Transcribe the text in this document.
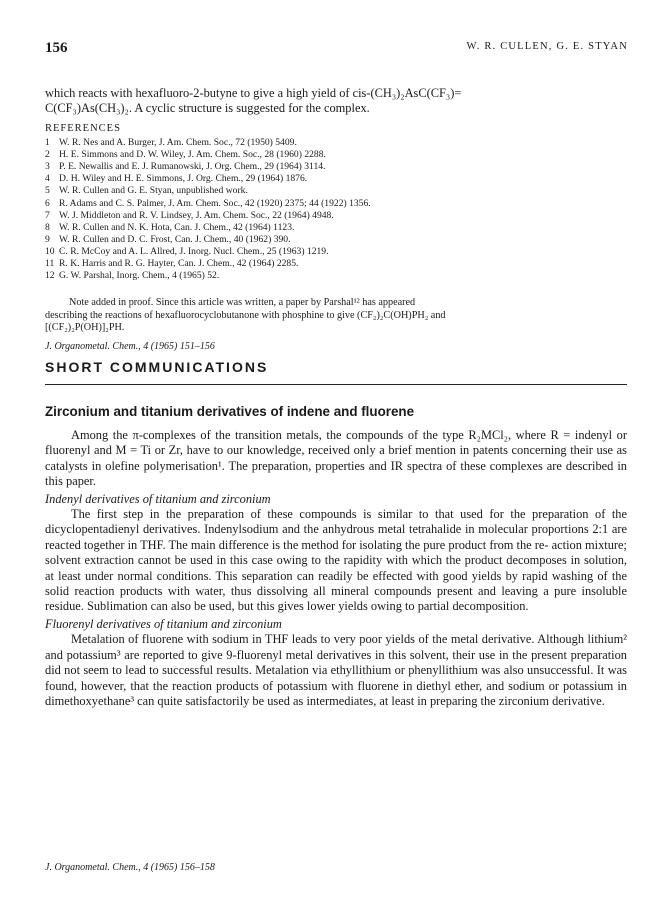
156	W. R. CULLEN, G. E. STYAN
which reacts with hexafluoro-2-butyne to give a high yield of cis-(CH₃)₂AsC(CF₃)=
C(CF₃)As(CH₃)₂. A cyclic structure is suggested for the complex.
REFERENCES
1 W. R. Nes and A. Burger, J. Am. Chem. Soc., 72 (1950) 5409.
2 H. E. Simmons and D. W. Wiley, J. Am. Chem. Soc., 28 (1960) 2288.
3 P. E. Newallis and E. J. Rumanowski, J. Org. Chem., 29 (1964) 3114.
4 D. H. Wiley and H. E. Simmons, J. Org. Chem., 29 (1964) 1876.
5 W. R. Cullen and G. E. Styan, unpublished work.
6 R. Adams and C. S. Palmer, J. Am. Chem. Soc., 42 (1920) 2375; 44 (1922) 1356.
7 W. J. Middleton and R. V. Lindsey, J. Am. Chem. Soc., 22 (1964) 4948.
8 W. R. Cullen and N. K. Hota, Can. J. Chem., 42 (1964) 1123.
9 W. R. Cullen and D. C. Frost, Can. J. Chem., 40 (1962) 390.
10 C. R. McCoy and A. L. Allred, J. Inorg. Nucl. Chem., 25 (1963) 1219.
11 R. K. Harris and R. G. Hayter, Can. J. Chem., 42 (1964) 2285.
12 G. W. Parshal, Inorg. Chem., 4 (1965) 52.
Note added in proof. Since this article was written, a paper by Parshal¹² has appeared
describing the reactions of hexafluorocyclobutanone with phosphine to give (CF₂)₂C(OH)PH₂ and
[(CF₂)₂P(OH)]₂PH.
J. Organometal. Chem., 4 (1965) 151–156
SHORT COMMUNICATIONS
Zirconium and titanium derivatives of indene and fluorene

Among the π-complexes of the transition metals, the compounds of the type R₂MCl₂, where R = indenyl or fluorenyl and M = Ti or Zr, have to our knowledge, received only a brief mention in patents concerning their use as catalysts in olefine polymerisation¹. The preparation, properties and IR spectra of these complexes are described in this paper.

Indenyl derivatives of titanium and zirconium

The first step in the preparation of these compounds is similar to that used for the preparation of the dicyclopentadienyl derivatives. Indenylsodium and the anhydrous metal tetrahalide in molecular proportions 2:1 are reacted together in THF. The main difference is the method for isolating the pure product from the re- action mixture; solvent extraction cannot be used in this case owing to the rapidity with which the product decomposes in solution, at least under normal conditions. This separation can readily be effected with good yields by rapid washing of the solid reaction products with water, thus dissolving all mineral compounds present and leaving a pure insoluble residue. Sublimation can also be used, but this gives lower yields owing to partial decomposition.

Fluorenyl derivatives of titanium and zirconium

Metalation of fluorene with sodium in THF leads to very poor yields of the metal derivative. Although lithium² and potassium³ are reported to give 9-fluorenyl metal derivatives in this solvent, their use in the present preparation did not seem to lead to successful results. Metalation via ethyllithium or phenyllithium was also unsuccessful. It was found, however, that the reaction products of potassium with fluorene in diethyl ether, and sodium or potassium in dimethoxyethane³ can quite satisfactorily be used as intermediates, at least in preparing the zirconium derivative.

J. Organometal. Chem., 4 (1965) 156–158
